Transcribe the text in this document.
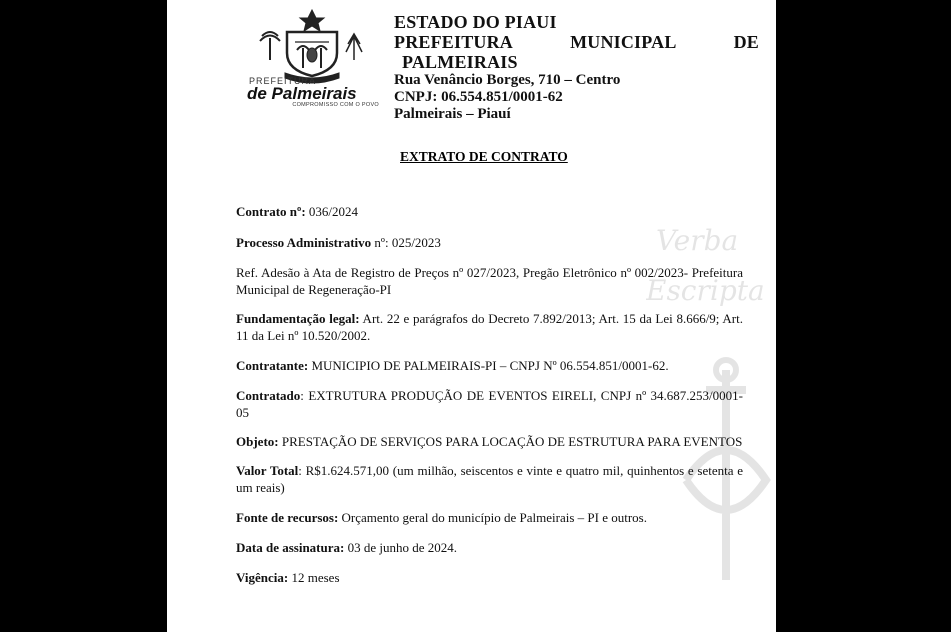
Verba
Escripta
PREFEITURA
de Palmeirais
COMPROMISSO COM O POVO
ESTADO DO PIAUI
PREFEITURA	MUNICIPAL	DE
PALMEIRAIS
Rua Venâncio Borges, 710 – Centro
CNPJ: 06.554.851/0001-62
Palmeirais – Piauí
EXTRATO DE CONTRATO

Contrato nº: 036/2024

Processo Administrativo nº: 025/2023

Ref. Adesão à Ata de Registro de Preços nº 027/2023, Pregão Eletrônico nº 002/2023- Prefeitura Municipal de Regeneração-PI

Fundamentação legal: Art. 22 e parágrafos do Decreto 7.892/2013; Art. 15 da Lei 8.666/9; Art. 11 da Lei nº 10.520/2002.

Contratante: MUNICIPIO DE PALMEIRAIS-PI – CNPJ Nº 06.554.851/0001-62.

Contratado: EXTRUTURA PRODUÇÃO DE EVENTOS EIRELI, CNPJ nº 34.687.253/0001-05

Objeto: PRESTAÇÃO DE SERVIÇOS PARA LOCAÇÃO DE ESTRUTURA PARA EVENTOS

Valor Total: R$1.624.571,00 (um milhão, seiscentos e vinte e quatro mil, quinhentos e setenta e um reais)

Fonte de recursos: Orçamento geral do município de Palmeirais – PI e outros.

Data de assinatura: 03 de junho de 2024.

Vigência: 12 meses
